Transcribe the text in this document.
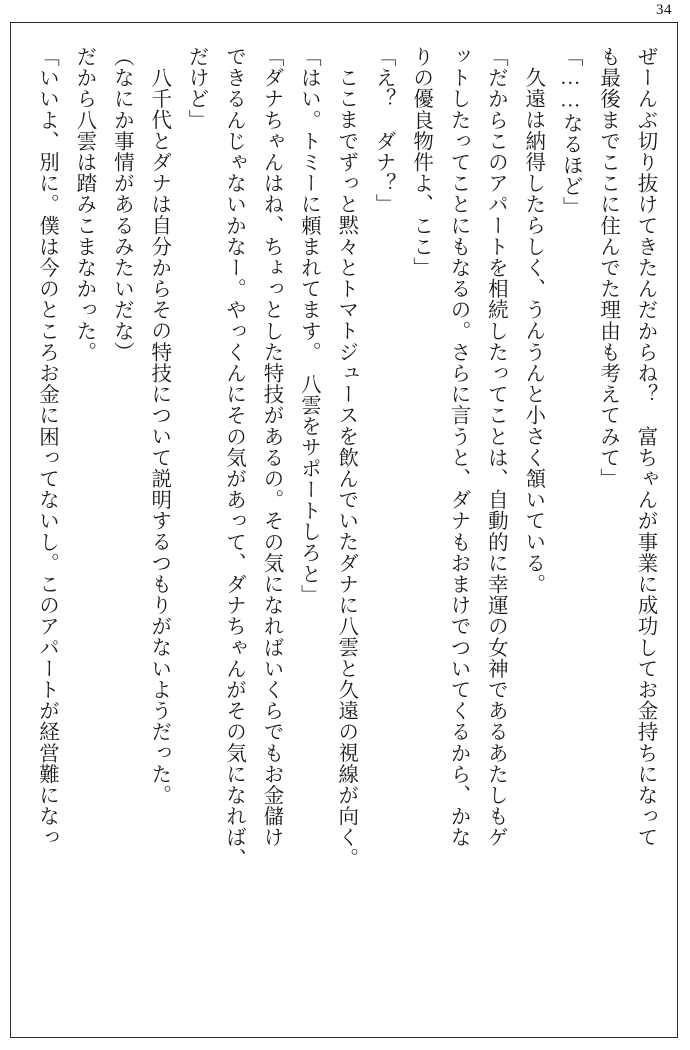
34

ぜーんぶ切り抜けてきたんだからね？　富ちゃんが事業に成功してお金持ちになって

も最後までここに住んでた理由も考えてみて」

「……なるほど」

久遠は納得したらしく、うんうんと小さく頷いている。

「だからこのアパートを相続したってことは、自動的に幸運の女神であるあたしもゲ

ットしたってことにもなるの。さらに言うと、ダナもおまけでついてくるから、かな

りの優良物件よ、ここ」

「え？　ダナ？」

ここまでずっと黙々とトマトジュースを飲んでいたダナに八雲と久遠の視線が向く。

「はい。トミーに頼まれてます。　八雲をサポートしろと」

「ダナちゃんはね、ちょっとした特技があるの。その気になればいくらでもお金儲け

できるんじゃないかなー。やっくんにその気があって、ダナちゃんがその気になれば、

だけど」

八千代とダナは自分からその特技について説明するつもりがないようだった。

（なにか事情があるみたいだな）

だから八雲は踏みこまなかった。

「いいよ、別に。僕は今のところお金に困ってないし。このアパートが経営難になっ
